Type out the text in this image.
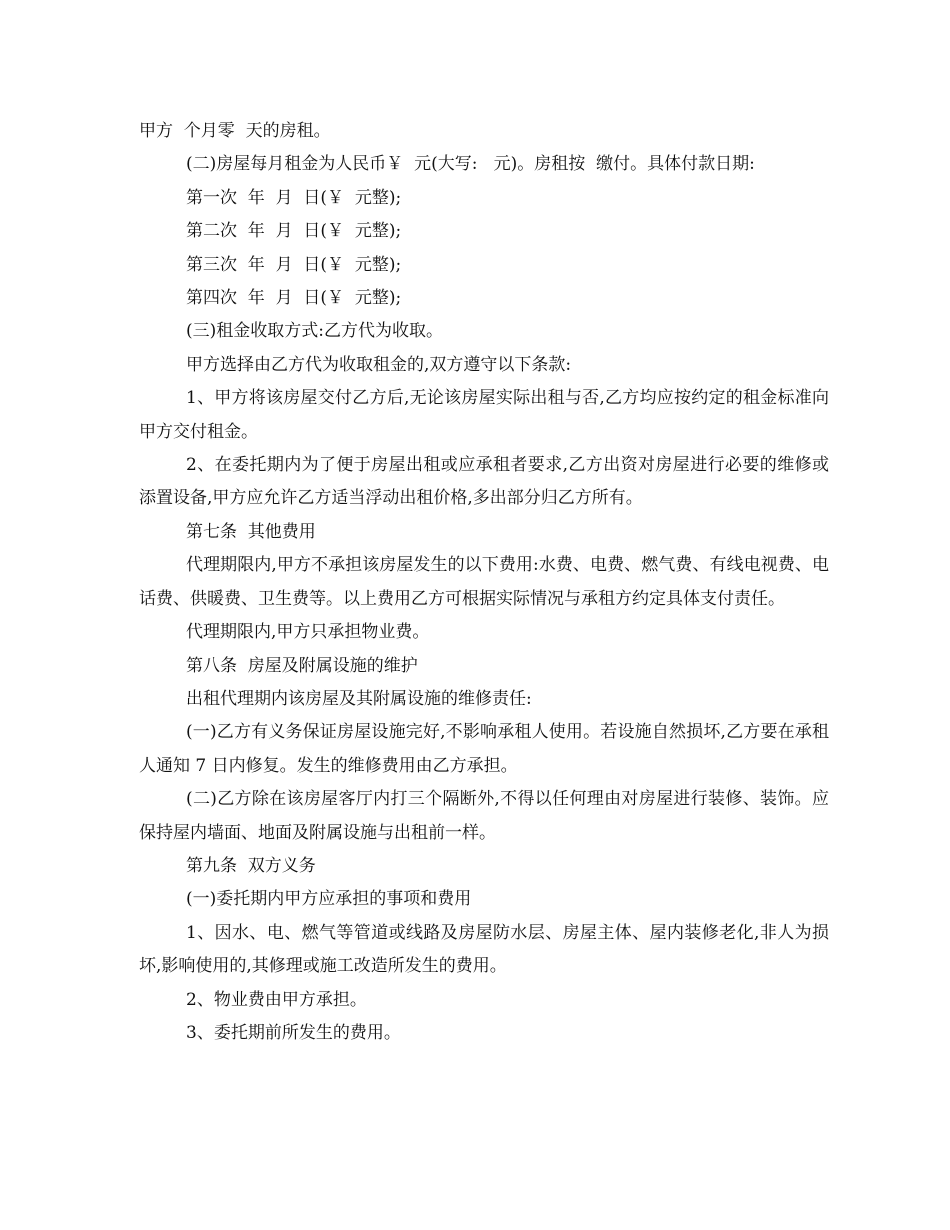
甲方  个月零  天的房租。

(二)房屋每月租金为人民币￥  元(大写:   元)。房租按  缴付。具体付款日期:

第一次  年  月  日(￥  元整);

第二次  年  月  日(￥  元整);

第三次  年  月  日(￥  元整);

第四次  年  月  日(￥  元整);

(三)租金收取方式:乙方代为收取。

甲方选择由乙方代为收取租金的,双方遵守以下条款:

1、甲方将该房屋交付乙方后,无论该房屋实际出租与否,乙方均应按约定的租金标准向甲方交付租金。

2、在委托期内为了便于房屋出租或应承租者要求,乙方出资对房屋进行必要的维修或添置设备,甲方应允许乙方适当浮动出租价格,多出部分归乙方所有。

第七条  其他费用

代理期限内,甲方不承担该房屋发生的以下费用:水费、电费、燃气费、有线电视费、电话费、供暖费、卫生费等。以上费用乙方可根据实际情况与承租方约定具体支付责任。

代理期限内,甲方只承担物业费。

第八条  房屋及附属设施的维护

出租代理期内该房屋及其附属设施的维修责任:

(一)乙方有义务保证房屋设施完好,不影响承租人使用。若设施自然损坏,乙方要在承租人通知 7 日内修复。发生的维修费用由乙方承担。

(二)乙方除在该房屋客厅内打三个隔断外,不得以任何理由对房屋进行装修、装饰。应保持屋内墙面、地面及附属设施与出租前一样。

第九条  双方义务

(一)委托期内甲方应承担的事项和费用

1、因水、电、燃气等管道或线路及房屋防水层、房屋主体、屋内装修老化,非人为损坏,影响使用的,其修理或施工改造所发生的费用。

2、物业费由甲方承担。

3、委托期前所发生的费用。
